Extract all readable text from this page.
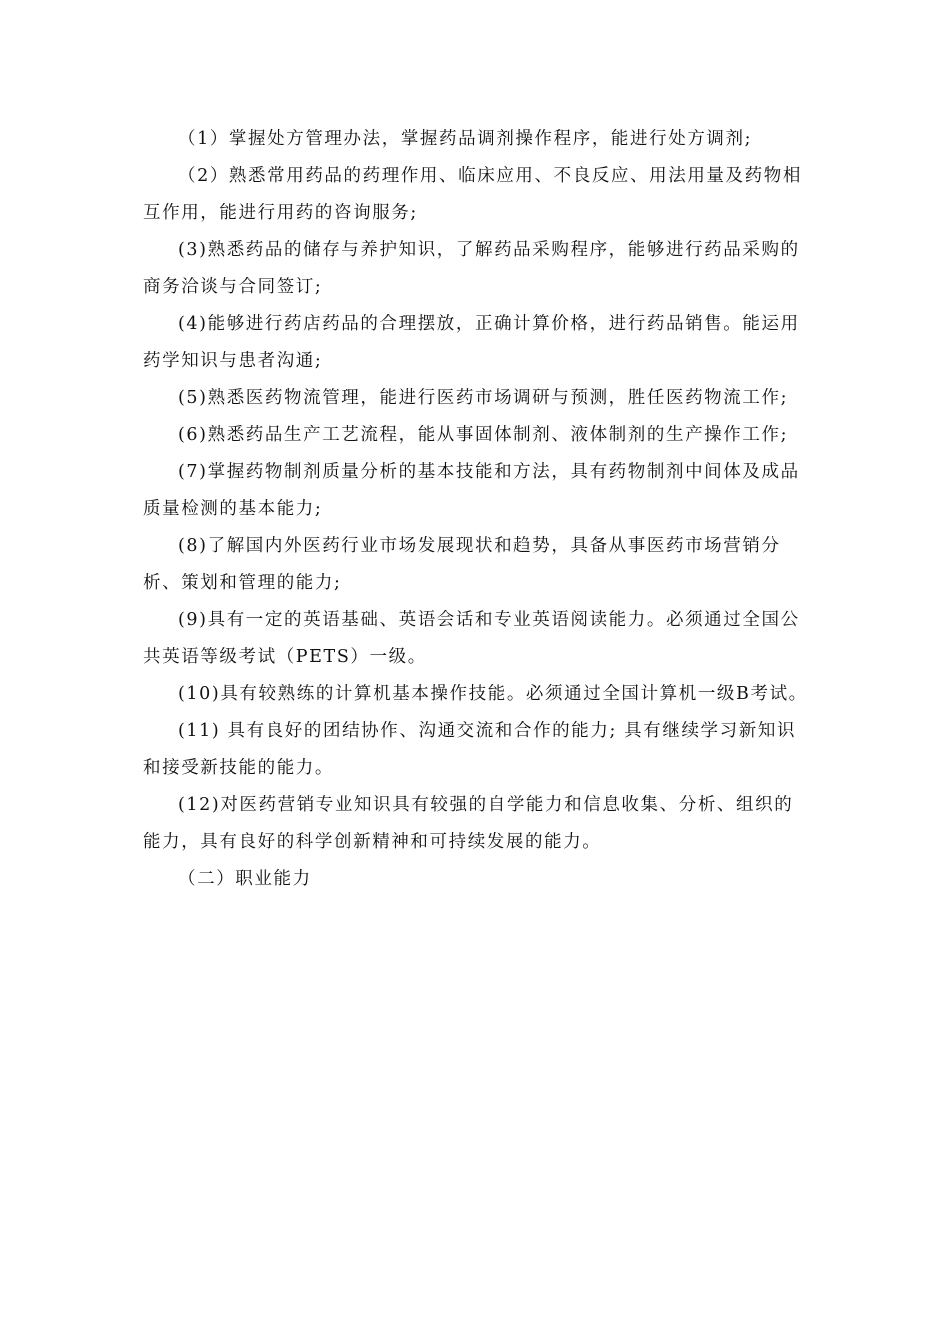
（1）掌握处方管理办法，掌握药品调剂操作程序，能进行处方调剂;

（2）熟悉常用药品的药理作用、临床应用、不良反应、用法用量及药物相互作用，能进行用药的咨询服务;

(3)熟悉药品的储存与养护知识，了解药品采购程序，能够进行药品采购的商务洽谈与合同签订;

(4)能够进行药店药品的合理摆放，正确计算价格，进行药品销售。能运用药学知识与患者沟通;

(5)熟悉医药物流管理，能进行医药市场调研与预测，胜任医药物流工作;

(6)熟悉药品生产工艺流程，能从事固体制剂、液体制剂的生产操作工作;

(7)掌握药物制剂质量分析的基本技能和方法，具有药物制剂中间体及成品质量检测的基本能力;

(8)了解国内外医药行业市场发展现状和趋势，具备从事医药市场营销分析、策划和管理的能力;

(9)具有一定的英语基础、英语会话和专业英语阅读能力。必须通过全国公共英语等级考试（PETS）一级。

(10)具有较熟练的计算机基本操作技能。必须通过全国计算机一级B考试。

(11) 具有良好的团结协作、沟通交流和合作的能力; 具有继续学习新知识和接受新技能的能力。

(12)对医药营销专业知识具有较强的自学能力和信息收集、分析、组织的能力，具有良好的科学创新精神和可持续发展的能力。

（二）职业能力
